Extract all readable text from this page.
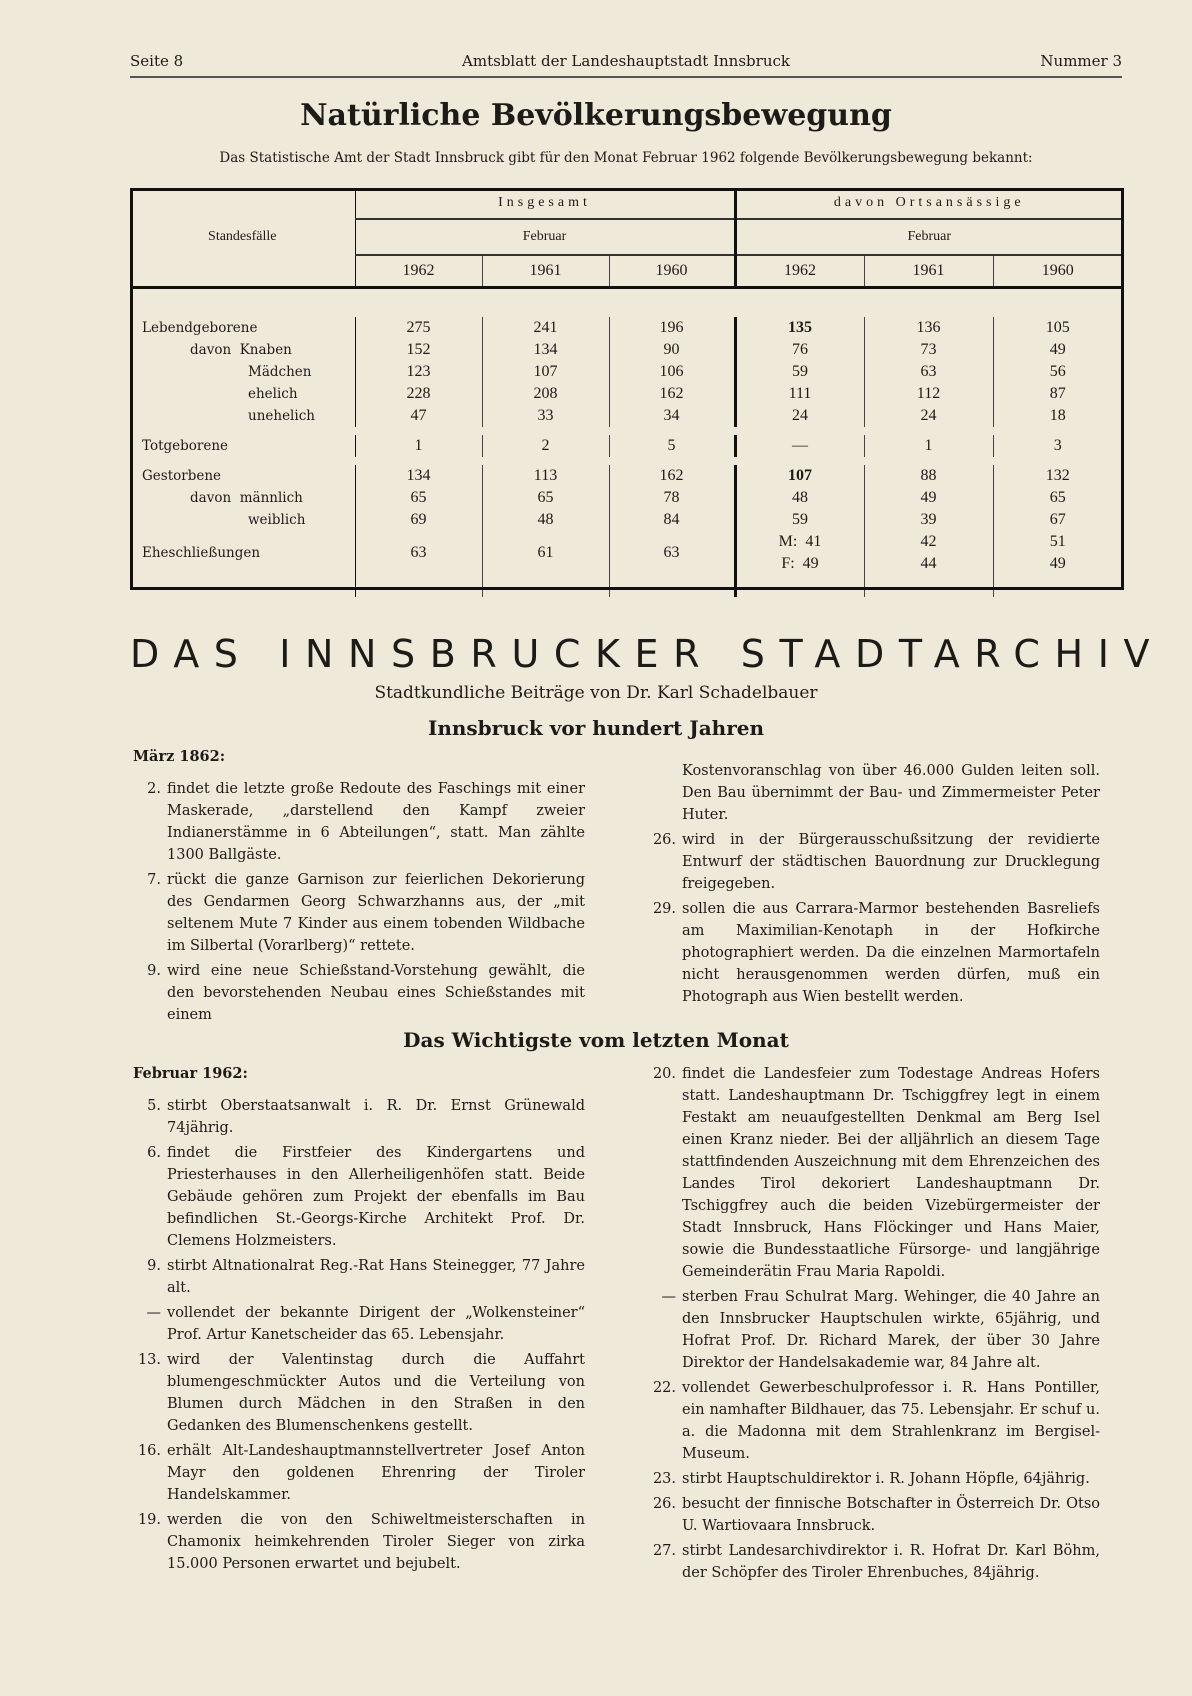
Seite 8	Amtsblatt der Landeshauptstadt Innsbruck	Nummer 3
Natürliche Bevölkerungsbewegung
Das Statistische Amt der Stadt Innsbruck gibt für den Monat Februar 1962 folgende Bevölkerungsbewegung bekannt:
Standesfälle	Insgesamt			davon Ortsansässige		
	Februar			Februar		
	1962	1961	1960	1962	1961	1960

Lebendgeborene	275	241	196	135	136	105
davon  Knaben	152	134	90	76	73	49
Mädchen	123	107	106	59	63	56
ehelich	228	208	162	111	112	87
unehelich	47	33	34	24	24	18

Totgeborene	1	2	5	—	1	3

Gestorbene	134	113	162	107	88	132
davon  männlich	65	65	78	48	49	65
weiblich	69	48	84	59	39	67
Eheschließungen	63	61	63	M:  41	42	51
				F:  49	44	49

DAS INNSBRUCKER STADTARCHIV
Stadtkundliche Beiträge von Dr. Karl Schadelbauer
Innsbruck vor hundert Jahren
März 1862:
2. findet die letzte große Redoute des Faschings mit einer Maskerade, „darstellend den Kampf zweier Indianerstämme in 6 Abteilungen“, statt. Man zählte 1300 Ballgäste.
7. rückt die ganze Garnison zur feierlichen Dekorierung des Gendarmen Georg Schwarzhanns aus, der „mit seltenem Mute 7 Kinder aus einem tobenden Wildbache im Silbertal (Vorarlberg)“ rettete.
9. wird eine neue Schießstand-Vorstehung gewählt, die den bevorstehenden Neubau eines Schießstandes mit einem
Kostenvoranschlag von über 46.000 Gulden leiten soll. Den Bau übernimmt der Bau- und Zimmermeister Peter Huter.
26. wird in der Bürgerausschußsitzung der revidierte Entwurf der städtischen Bauordnung zur Drucklegung freigegeben.
29. sollen die aus Carrara-Marmor bestehenden Basreliefs am Maximilian-Kenotaph in der Hofkirche photographiert werden. Da die einzelnen Marmortafeln nicht herausgenommen werden dürfen, muß ein Photograph aus Wien bestellt werden.
Das Wichtigste vom letzten Monat
Februar 1962:
5. stirbt Oberstaatsanwalt i. R. Dr. Ernst Grünewald 74jährig.
6. findet die Firstfeier des Kindergartens und Priesterhauses in den Allerheiligenhöfen statt. Beide Gebäude gehören zum Projekt der ebenfalls im Bau befindlichen St.-Georgs-Kirche Architekt Prof. Dr. Clemens Holzmeisters.
9. stirbt Altnationalrat Reg.-Rat Hans Steinegger, 77 Jahre alt.
— vollendet der bekannte Dirigent der „Wolkensteiner“ Prof. Artur Kanetscheider das 65. Lebensjahr.
13. wird der Valentinstag durch die Auffahrt blumengeschmückter Autos und die Verteilung von Blumen durch Mädchen in den Straßen in den Gedanken des Blumenschenkens gestellt.
16. erhält Alt-Landeshauptmannstellvertreter Josef Anton Mayr den goldenen Ehrenring der Tiroler Handelskammer.
19. werden die von den Schiweltmeisterschaften in Chamonix heimkehrenden Tiroler Sieger von zirka 15.000 Personen erwartet und bejubelt.
20. findet die Landesfeier zum Todestage Andreas Hofers statt. Landeshauptmann Dr. Tschiggfrey legt in einem Festakt am neuaufgestellten Denkmal am Berg Isel einen Kranz nieder. Bei der alljährlich an diesem Tage stattfindenden Auszeichnung mit dem Ehrenzeichen des Landes Tirol dekoriert Landeshauptmann Dr. Tschiggfrey auch die beiden Vizebürgermeister der Stadt Innsbruck, Hans Flöckinger und Hans Maier, sowie die Bundesstaatliche Fürsorge- und langjährige Gemeinderätin Frau Maria Rapoldi.
— sterben Frau Schulrat Marg. Wehinger, die 40 Jahre an den Innsbrucker Hauptschulen wirkte, 65jährig, und Hofrat Prof. Dr. Richard Marek, der über 30 Jahre Direktor der Handelsakademie war, 84 Jahre alt.
22. vollendet Gewerbeschulprofessor i. R. Hans Pontiller, ein namhafter Bildhauer, das 75. Lebensjahr. Er schuf u. a. die Madonna mit dem Strahlenkranz im Bergisel-Museum.
23. stirbt Hauptschuldirektor i. R. Johann Höpfle, 64jährig.
26. besucht der finnische Botschafter in Österreich Dr. Otso U. Wartiovaara Innsbruck.
27. stirbt Landesarchivdirektor i. R. Hofrat Dr. Karl Böhm, der Schöpfer des Tiroler Ehrenbuches, 84jährig.
